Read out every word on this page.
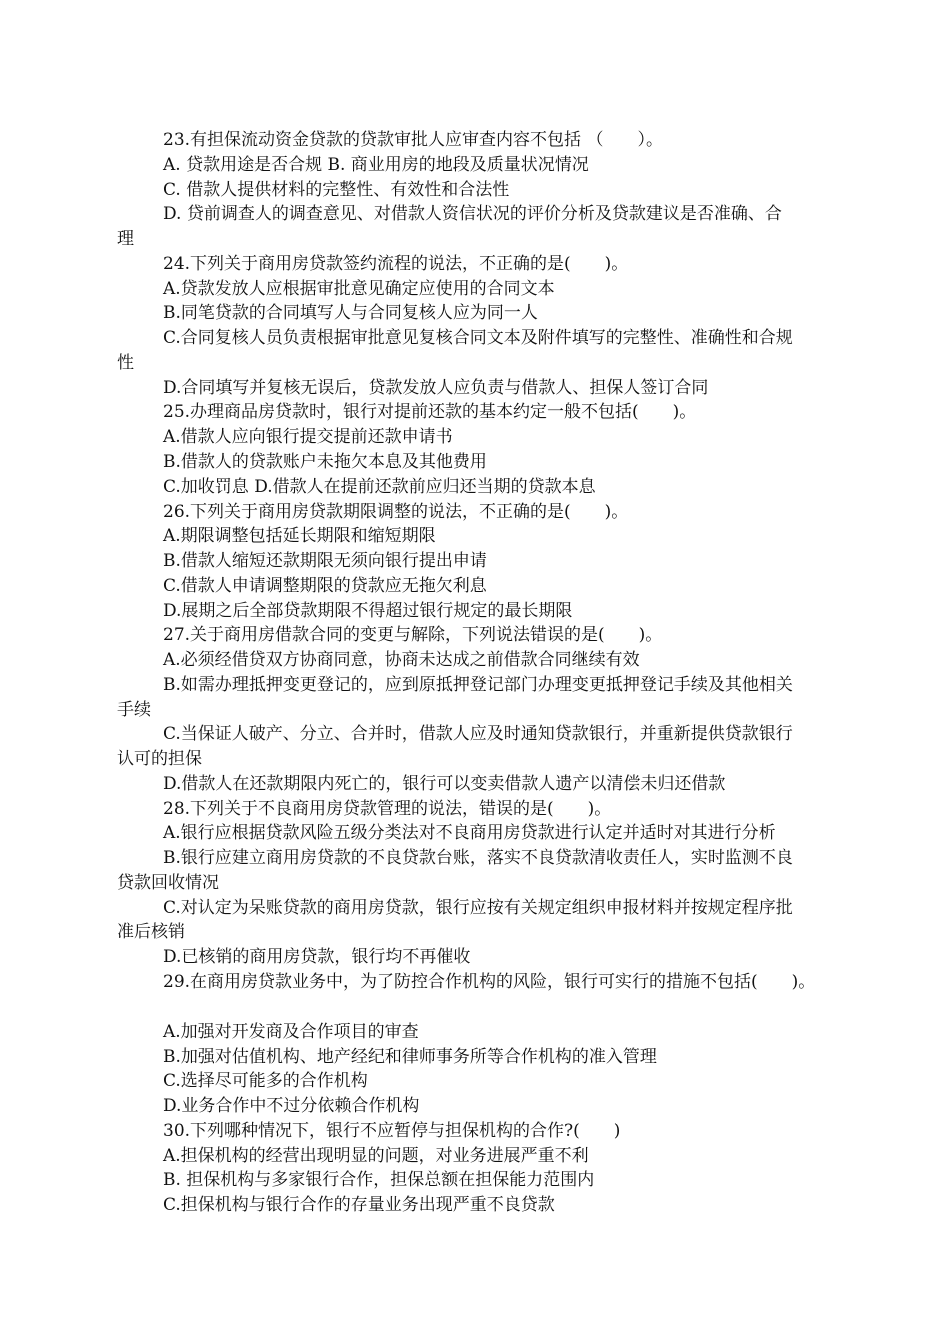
23.有担保流动资金贷款的贷款审批人应审查内容不包括 （　　）。
A. 贷款用途是否合规 B. 商业用房的地段及质量状况情况
C. 借款人提供材料的完整性、有效性和合法性
D. 贷前调查人的调查意见、对借款人资信状况的评价分析及贷款建议是否准确、合
理
24.下列关于商用房贷款签约流程的说法，不正确的是(　　)。
A.贷款发放人应根据审批意见确定应使用的合同文本
B.同笔贷款的合同填写人与合同复核人应为同一人
C.合同复核人员负责根据审批意见复核合同文本及附件填写的完整性、准确性和合规
性
D.合同填写并复核无误后，贷款发放人应负责与借款人、担保人签订合同
25.办理商品房贷款时，银行对提前还款的基本约定一般不包括(　　)。
A.借款人应向银行提交提前还款申请书
B.借款人的贷款账户未拖欠本息及其他费用
C.加收罚息 D.借款人在提前还款前应归还当期的贷款本息
26.下列关于商用房贷款期限调整的说法，不正确的是(　　)。
A.期限调整包括延长期限和缩短期限
B.借款人缩短还款期限无须向银行提出申请
C.借款人申请调整期限的贷款应无拖欠利息
D.展期之后全部贷款期限不得超过银行规定的最长期限
27.关于商用房借款合同的变更与解除，下列说法错误的是(　　)。
A.必须经借贷双方协商同意，协商未达成之前借款合同继续有效
B.如需办理抵押变更登记的，应到原抵押登记部门办理变更抵押登记手续及其他相关
手续
C.当保证人破产、分立、合并时，借款人应及时通知贷款银行，并重新提供贷款银行
认可的担保
D.借款人在还款期限内死亡的，银行可以变卖借款人遗产以清偿未归还借款
28.下列关于不良商用房贷款管理的说法，错误的是(　　)。
A.银行应根据贷款风险五级分类法对不良商用房贷款进行认定并适时对其进行分析
B.银行应建立商用房贷款的不良贷款台账，落实不良贷款清收责任人，实时监测不良
贷款回收情况
C.对认定为呆账贷款的商用房贷款，银行应按有关规定组织申报材料并按规定程序批
准后核销
D.已核销的商用房贷款，银行均不再催收
29.在商用房贷款业务中，为了防控合作机构的风险，银行可实行的措施不包括(　　)。
A.加强对开发商及合作项目的审查
B.加强对估值机构、地产经纪和律师事务所等合作机构的准入管理
C.选择尽可能多的合作机构
D.业务合作中不过分依赖合作机构
30.下列哪种情况下，银行不应暂停与担保机构的合作?(　　)
A.担保机构的经营出现明显的问题，对业务进展严重不利
B. 担保机构与多家银行合作，担保总额在担保能力范围内
C.担保机构与银行合作的存量业务出现严重不良贷款
